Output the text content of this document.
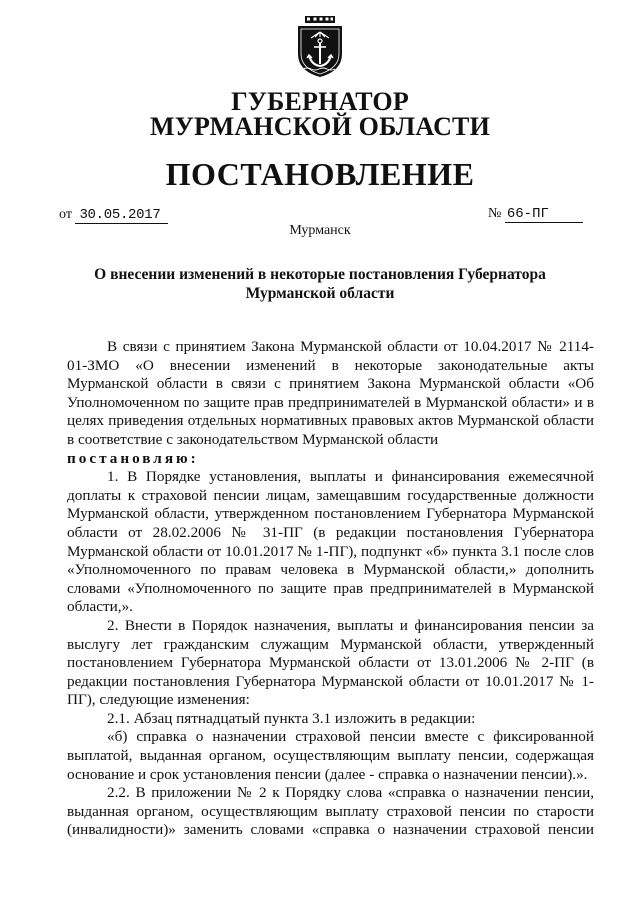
ГУБЕРНАТОР
МУРМАНСКОЙ ОБЛАСТИ
ПОСТАНОВЛЕНИЕ
от 30.05.2017	№ 66-ПГ
Мурманск
О внесении изменений в некоторые постановления Губернатора Мурманской области

В связи с принятием Закона Мурманской области от 10.04.2017 № 2114-01-ЗМО «О внесении изменений в некоторые законодательные акты Мурманской области в связи с принятием Закона Мурманской области «Об Уполномоченном по защите прав предпринимателей в Мурманской области» и в целях приведения отдельных нормативных правовых актов Мурманской области в соответствие с законодательством Мурманской области

постановляю:

1. В Порядке установления, выплаты и финансирования ежемесячной доплаты к страховой пенсии лицам, замещавшим государственные должности Мурманской области, утвержденном постановлением Губернатора Мурманской области от 28.02.2006 № 31-ПГ (в редакции постановления Губернатора Мурманской области от 10.01.2017 № 1-ПГ), подпункт «б» пункта 3.1 после слов «Уполномоченного по правам человека в Мурманской области,» дополнить словами «Уполномоченного по защите прав предпринимателей в Мурманской области,».

2. Внести в Порядок назначения, выплаты и финансирования пенсии за выслугу лет гражданским служащим Мурманской области, утвержденный постановлением Губернатора Мурманской области от 13.01.2006 № 2-ПГ (в редакции постановления Губернатора Мурманской области от 10.01.2017 № 1-ПГ), следующие изменения:

2.1. Абзац пятнадцатый пункта 3.1 изложить в редакции:

«б) справка о назначении страховой пенсии вместе с фиксированной выплатой, выданная органом, осуществляющим выплату пенсии, содержащая основание и срок установления пенсии (далее - справка о назначении пенсии).».

2.2. В приложении № 2 к Порядку слова «справка о назначении пенсии, выданная органом, осуществляющим выплату страховой пенсии по старости (инвалидности)» заменить словами «справка о назначении страховой пенсии
